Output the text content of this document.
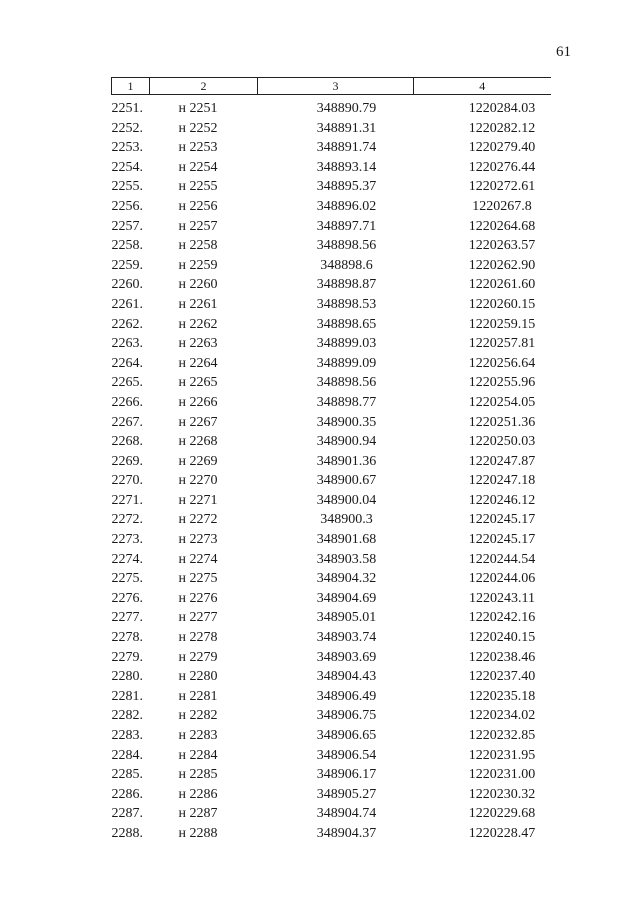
61
1	2	3	4
2251.	н 2251	348890.79	1220284.03
2252.	н 2252	348891.31	1220282.12
2253.	н 2253	348891.74	1220279.40
2254.	н 2254	348893.14	1220276.44
2255.	н 2255	348895.37	1220272.61
2256.	н 2256	348896.02	1220267.8
2257.	н 2257	348897.71	1220264.68
2258.	н 2258	348898.56	1220263.57
2259.	н 2259	348898.6	1220262.90
2260.	н 2260	348898.87	1220261.60
2261.	н 2261	348898.53	1220260.15
2262.	н 2262	348898.65	1220259.15
2263.	н 2263	348899.03	1220257.81
2264.	н 2264	348899.09	1220256.64
2265.	н 2265	348898.56	1220255.96
2266.	н 2266	348898.77	1220254.05
2267.	н 2267	348900.35	1220251.36
2268.	н 2268	348900.94	1220250.03
2269.	н 2269	348901.36	1220247.87
2270.	н 2270	348900.67	1220247.18
2271.	н 2271	348900.04	1220246.12
2272.	н 2272	348900.3	1220245.17
2273.	н 2273	348901.68	1220245.17
2274.	н 2274	348903.58	1220244.54
2275.	н 2275	348904.32	1220244.06
2276.	н 2276	348904.69	1220243.11
2277.	н 2277	348905.01	1220242.16
2278.	н 2278	348903.74	1220240.15
2279.	н 2279	348903.69	1220238.46
2280.	н 2280	348904.43	1220237.40
2281.	н 2281	348906.49	1220235.18
2282.	н 2282	348906.75	1220234.02
2283.	н 2283	348906.65	1220232.85
2284.	н 2284	348906.54	1220231.95
2285.	н 2285	348906.17	1220231.00
2286.	н 2286	348905.27	1220230.32
2287.	н 2287	348904.74	1220229.68
2288.	н 2288	348904.37	1220228.47
